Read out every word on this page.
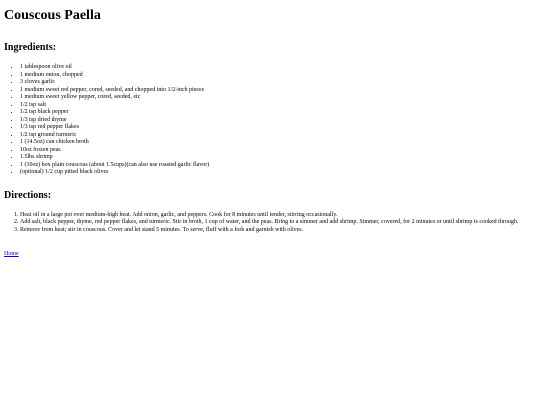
Couscous Paella
Ingredients:
• 1 tablespoon olive oil
• 1 medium onion, chopped
• 3 cloves garlic
• 1 medium sweet red pepper, cored, seeded, and chopped into 1/2-inch pieces
• 1 medium sweet yellow pepper, cored, seeded, etc
• 1/2 tsp salt
• 1/2 tsp black pepper
• 1/3 tsp dried thyme
• 1/3 tsp red pepper flakes
• 1/2 tsp ground turmeric
• 1 (14.5oz) can chicken broth
• 10oz frozen peas
• 1.5lbs shrimp
• 1 (10oz) box plain couscous (about 1.5cups)(can also use roasted garlic flavor)
• (optional) 1/2 cup pitted black olives
Directions:
1. Heat oil in a large pot over medium-high heat. Add onion, garlic, and peppers. Cook for 8 minutes until tender, stirring occasionally.
2. Add salt, black pepper, thyme, red pepper flakes, and turmeric. Stir in broth, 1 cup of water, and the peas. Bring to a simmer and add shrimp. Simmer, covered, for 2 minutes or until shrimp is cooked through.
3. Remove from heat; stir in couscous. Cover and let stand 5 minutes. To serve, fluff with a fork and garnish with olives.
Home
